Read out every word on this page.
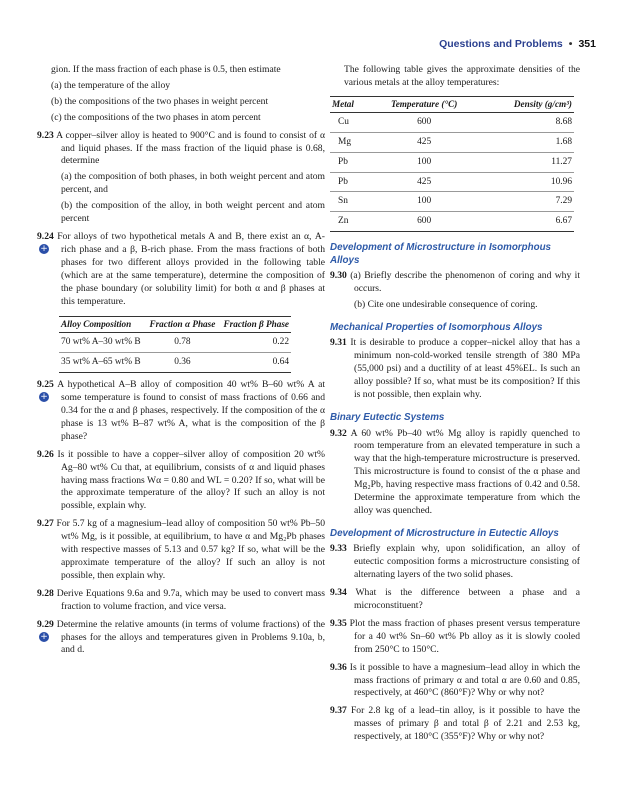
Questions and Problems • 351

gion. If the mass fraction of each phase is 0.5, then estimate

(a) the temperature of the alloy

(b) the compositions of the two phases in weight percent

(c) the compositions of the two phases in atom percent

9.23 A copper–silver alloy is heated to 900°C and is found to consist of α and liquid phases. If the mass fraction of the liquid phase is 0.68, determine

(a) the composition of both phases, in both weight percent and atom percent, and

(b) the composition of the alloy, in both weight percent and atom percent

+
9.24 For alloys of two hypothetical metals A and B, there exist an α, A-rich phase and a β, B-rich phase. From the mass fractions of both phases for two different alloys provided in the following table (which are at the same temperature), determine the composition of the phase boundary (or solubility limit) for both α and β phases at this temperature.

Alloy Composition	Fraction α Phase	Fraction β Phase
70 wt% A–30 wt% B	0.78	0.22
35 wt% A–65 wt% B	0.36	0.64

+
9.25 A hypothetical A–B alloy of composition 40 wt% B–60 wt% A at some temperature is found to consist of mass fractions of 0.66 and 0.34 for the α and β phases, respectively. If the composition of the α phase is 13 wt% B–87 wt% A, what is the composition of the β phase?

9.26 Is it possible to have a copper–silver alloy of composition 20 wt% Ag–80 wt% Cu that, at equilibrium, consists of α and liquid phases having mass fractions Wα = 0.80 and WL = 0.20? If so, what will be the approximate temperature of the alloy? If such an alloy is not possible, explain why.

9.27 For 5.7 kg of a magnesium–lead alloy of composition 50 wt% Pb–50 wt% Mg, is it possible, at equilibrium, to have α and Mg₂Pb phases with respective masses of 5.13 and 0.57 kg? If so, what will be the approximate temperature of the alloy? If such an alloy is not possible, then explain why.

9.28 Derive Equations 9.6a and 9.7a, which may be used to convert mass fraction to volume fraction, and vice versa.

+
9.29 Determine the relative amounts (in terms of volume fractions) of the phases for the alloys and temperatures given in Problems 9.10a, b, and d.

The following table gives the approximate densities of the various metals at the alloy temperatures:

Metal	Temperature (°C)	Density (g/cm³)
Cu	600	8.68
Mg	425	1.68
Pb	100	11.27
Pb	425	10.96
Sn	100	7.29
Zn	600	6.67

Development of Microstructure in Isomorphous Alloys

9.30 (a) Briefly describe the phenomenon of coring and why it occurs.

(b) Cite one undesirable consequence of coring.

Mechanical Properties of Isomorphous Alloys

9.31 It is desirable to produce a copper–nickel alloy that has a minimum non-cold-worked tensile strength of 380 MPa (55,000 psi) and a ductility of at least 45%EL. Is such an alloy possible? If so, what must be its composition? If this is not possible, then explain why.

Binary Eutectic Systems

9.32 A 60 wt% Pb–40 wt% Mg alloy is rapidly quenched to room temperature from an elevated temperature in such a way that the high-temperature microstructure is preserved. This microstructure is found to consist of the α phase and Mg₂Pb, having respective mass fractions of 0.42 and 0.58. Determine the approximate temperature from which the alloy was quenched.

Development of Microstructure in Eutectic Alloys

9.33 Briefly explain why, upon solidification, an alloy of eutectic composition forms a microstructure consisting of alternating layers of the two solid phases.

9.34 What is the difference between a phase and a microconstituent?

9.35 Plot the mass fraction of phases present versus temperature for a 40 wt% Sn–60 wt% Pb alloy as it is slowly cooled from 250°C to 150°C.

9.36 Is it possible to have a magnesium–lead alloy in which the mass fractions of primary α and total α are 0.60 and 0.85, respectively, at 460°C (860°F)? Why or why not?

9.37 For 2.8 kg of a lead–tin alloy, is it possible to have the masses of primary β and total β of 2.21 and 2.53 kg, respectively, at 180°C (355°F)? Why or why not?
